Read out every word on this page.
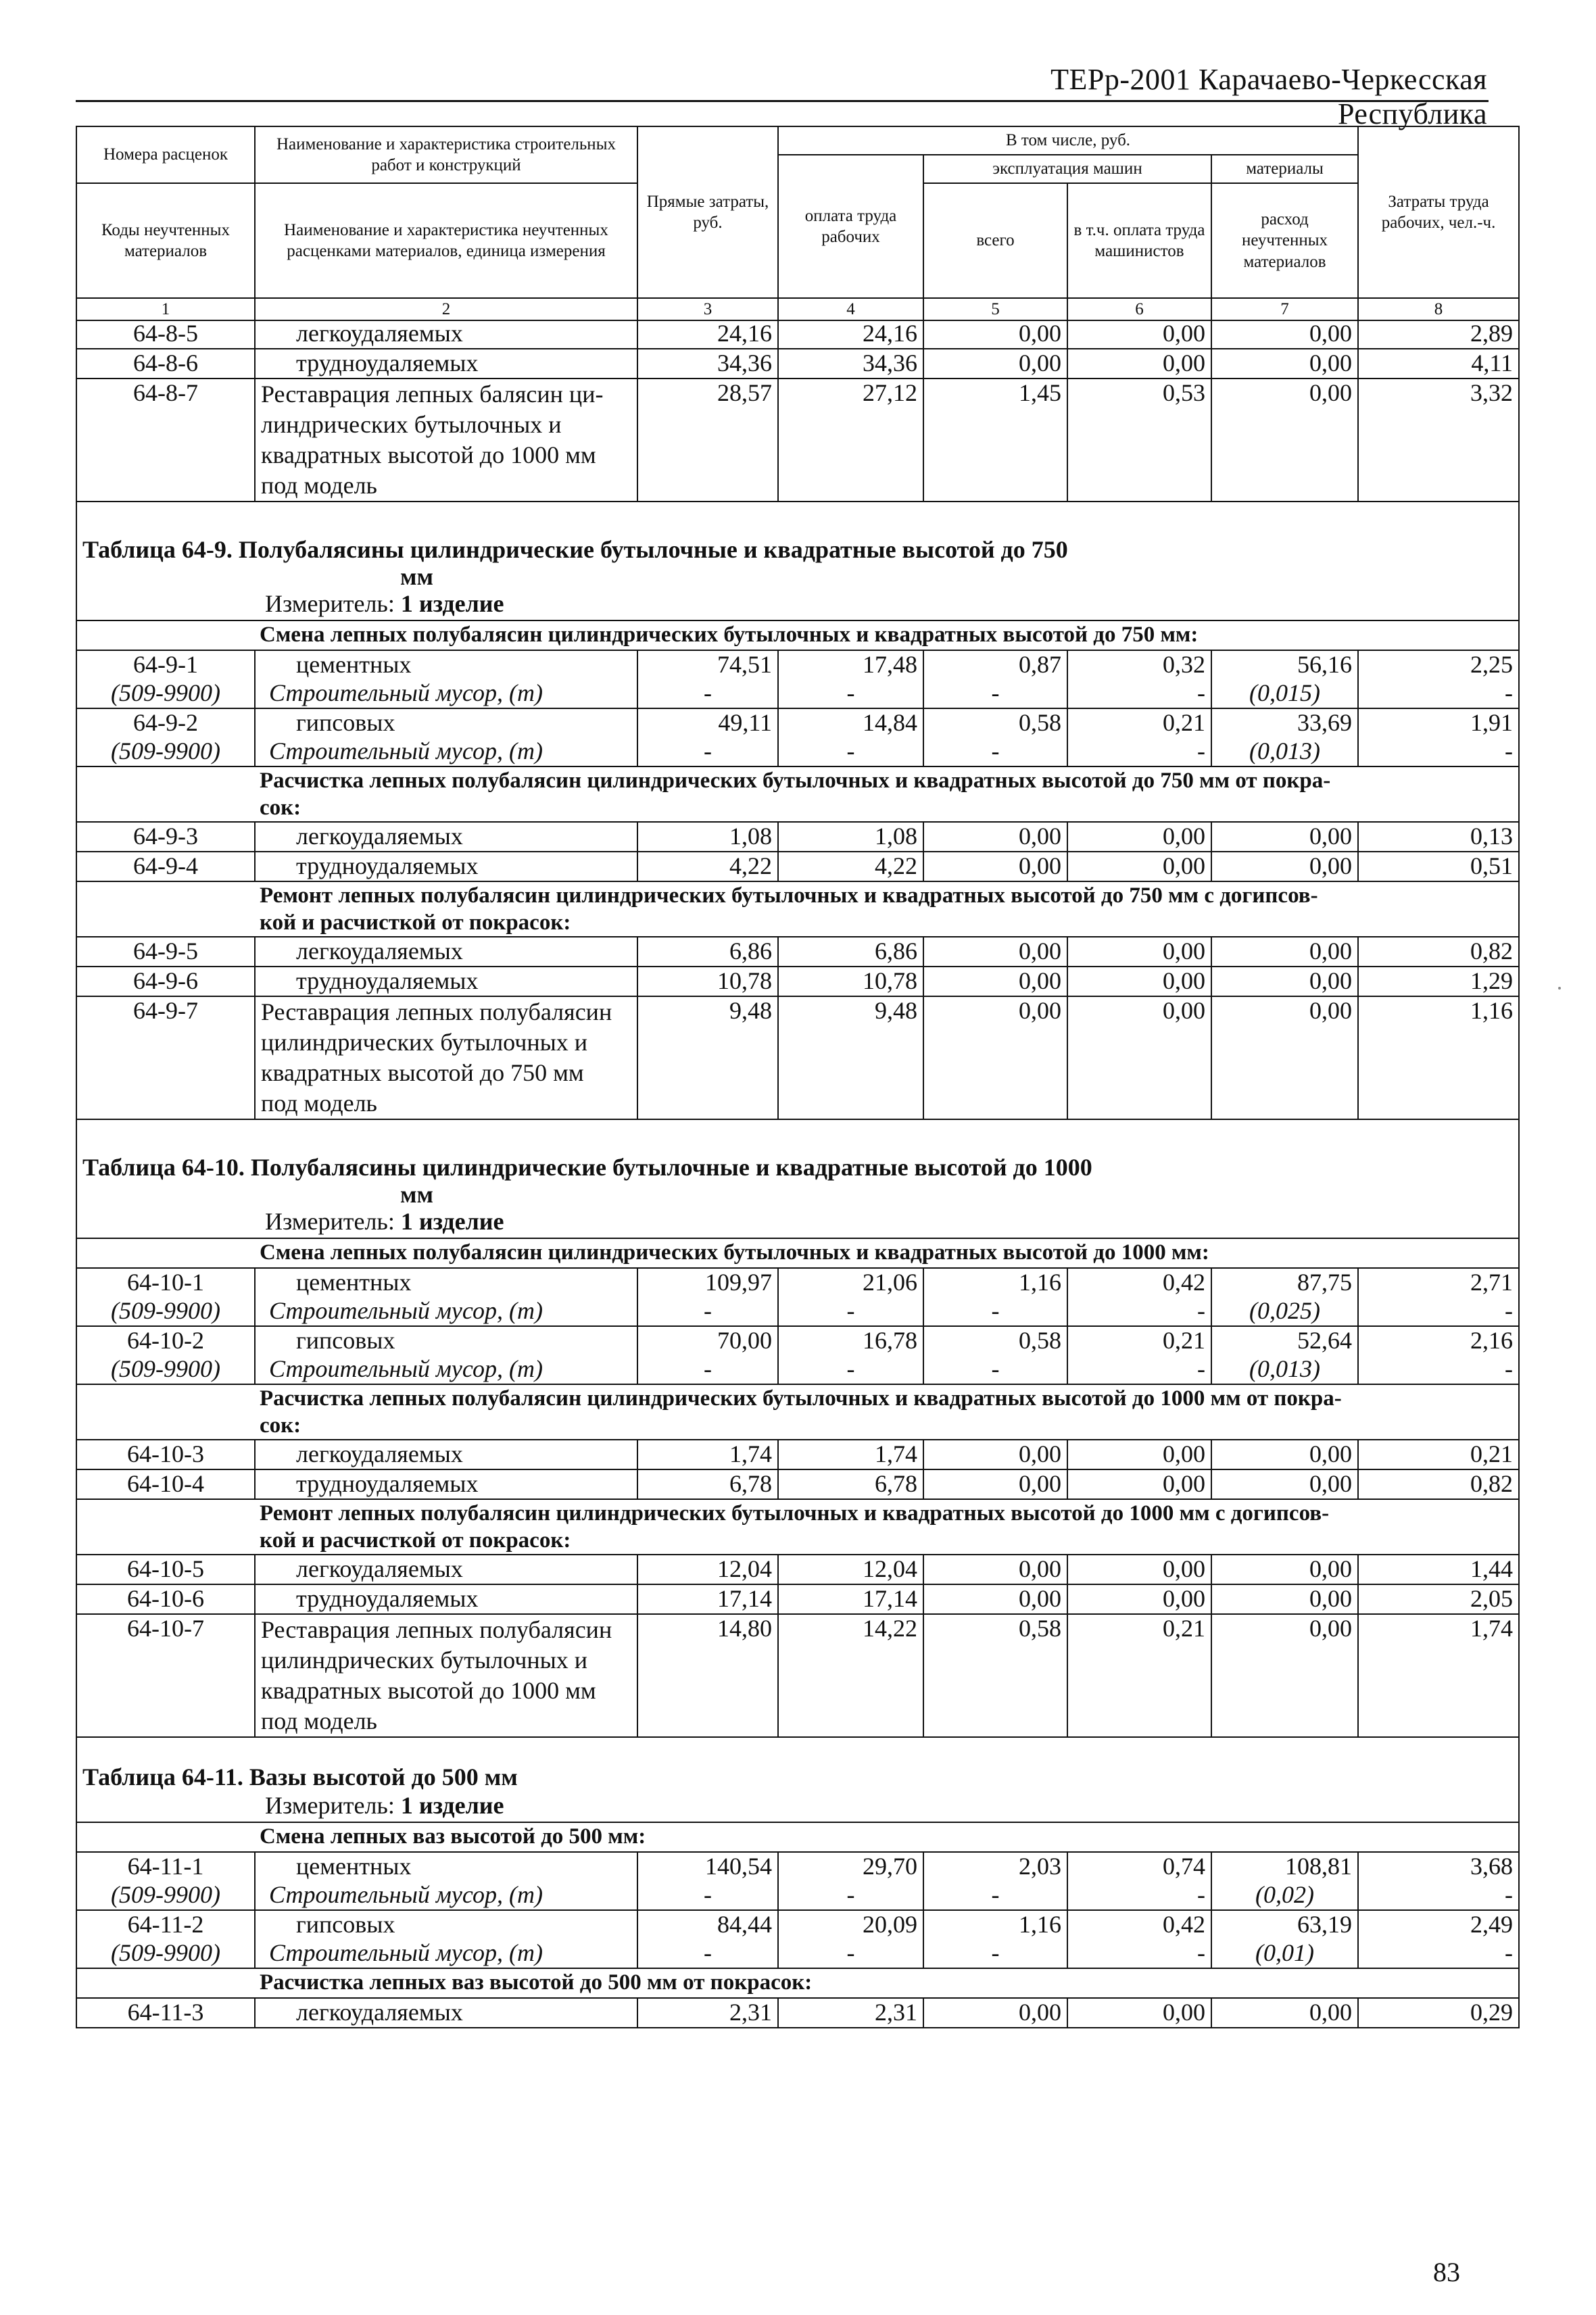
ТЕРр-2001 Карачаево-Черкесская Республика
Номера расценок	Наименование и характеристика строительных работ и конструкций	Прямые затраты, руб.	В том числе, руб.				Затраты труда рабочих, чел.-ч.
			оплата труда рабочих	эксплуатация машин		материалы	
Коды неучтенных материалов	Наименование и характеристика неучтенных расценками материалов, единица измерения			всего	в т.ч. оплата труда машинистов	расход неучтенных материалов	

1	2	3	4	5	6	7	8
64-8-5	легкоудаляемых	24,16	24,16	0,00	0,00	0,00	2,89
64-8-6	трудноудаляемых	34,36	34,36	0,00	0,00	0,00	4,11
64-8-7	Реставрация лепных балясин ци-
линдрических бутылочных и
квадратных высотой до 1000 мм
под модель	28,57	27,12	1,45	0,53	0,00	3,32

Таблица 64-9. Полубалясины цилиндрические бутылочные и квадратные высотой до 750
мм							

Измеритель: 1 изделие							
Смена лепных полубалясин цилиндрических бутылочных и квадратных высотой до 750 мм:							
64-9-1	цементных	74,51	17,48	0,87	0,32	56,16	2,25
(509-9900)	Строительный мусор, (т)	-	-	-	-	(0,015)	-
64-9-2	гипсовых	49,11	14,84	0,58	0,21	33,69	1,91
(509-9900)	Строительный мусор, (т)	-	-	-	-	(0,013)	-

Расчистка лепных полубалясин цилиндрических бутылочных и квадратных высотой до 750 мм от покра-
сок:							

64-9-3	легкоудаляемых	1,08	1,08	0,00	0,00	0,00	0,13
64-9-4	трудноудаляемых	4,22	4,22	0,00	0,00	0,00	0,51

Ремонт лепных полубалясин цилиндрических бутылочных и квадратных высотой до 750 мм с догипсов-
кой и расчисткой от покрасок:							

64-9-5	легкоудаляемых	6,86	6,86	0,00	0,00	0,00	0,82
64-9-6	трудноудаляемых	10,78	10,78	0,00	0,00	0,00	1,29
64-9-7	Реставрация лепных полубалясин
цилиндрических бутылочных и
квадратных высотой до 750 мм
под модель	9,48	9,48	0,00	0,00	0,00	1,16

Таблица 64-10. Полубалясины цилиндрические бутылочные и квадратные высотой до 1000
мм							

Измеритель: 1 изделие							
Смена лепных полубалясин цилиндрических бутылочных и квадратных высотой до 1000 мм:							
64-10-1	цементных	109,97	21,06	1,16	0,42	87,75	2,71
(509-9900)	Строительный мусор, (т)	-	-	-	-	(0,025)	-
64-10-2	гипсовых	70,00	16,78	0,58	0,21	52,64	2,16
(509-9900)	Строительный мусор, (т)	-	-	-	-	(0,013)	-

Расчистка лепных полубалясин цилиндрических бутылочных и квадратных высотой до 1000 мм от покра-
сок:							

64-10-3	легкоудаляемых	1,74	1,74	0,00	0,00	0,00	0,21
64-10-4	трудноудаляемых	6,78	6,78	0,00	0,00	0,00	0,82

Ремонт лепных полубалясин цилиндрических бутылочных и квадратных высотой до 1000 мм с догипсов-
кой и расчисткой от покрасок:							

64-10-5	легкоудаляемых	12,04	12,04	0,00	0,00	0,00	1,44
64-10-6	трудноудаляемых	17,14	17,14	0,00	0,00	0,00	2,05
64-10-7	Реставрация лепных полубалясин
цилиндрических бутылочных и
квадратных высотой до 1000 мм
под модель	14,80	14,22	0,58	0,21	0,00	1,74

Таблица 64-11. Вазы высотой до 500 мм							
Измеритель: 1 изделие							
Смена лепных ваз высотой до 500 мм:							
64-11-1	цементных	140,54	29,70	2,03	0,74	108,81	3,68
(509-9900)	Строительный мусор, (т)	-	-	-	-	(0,02)	-
64-11-2	гипсовых	84,44	20,09	1,16	0,42	63,19	2,49
(509-9900)	Строительный мусор, (т)	-	-	-	-	(0,01)	-
Расчистка лепных ваз высотой до 500 мм от покрасок:							
64-11-3	легкоудаляемых	2,31	2,31	0,00	0,00	0,00	0,29
83
